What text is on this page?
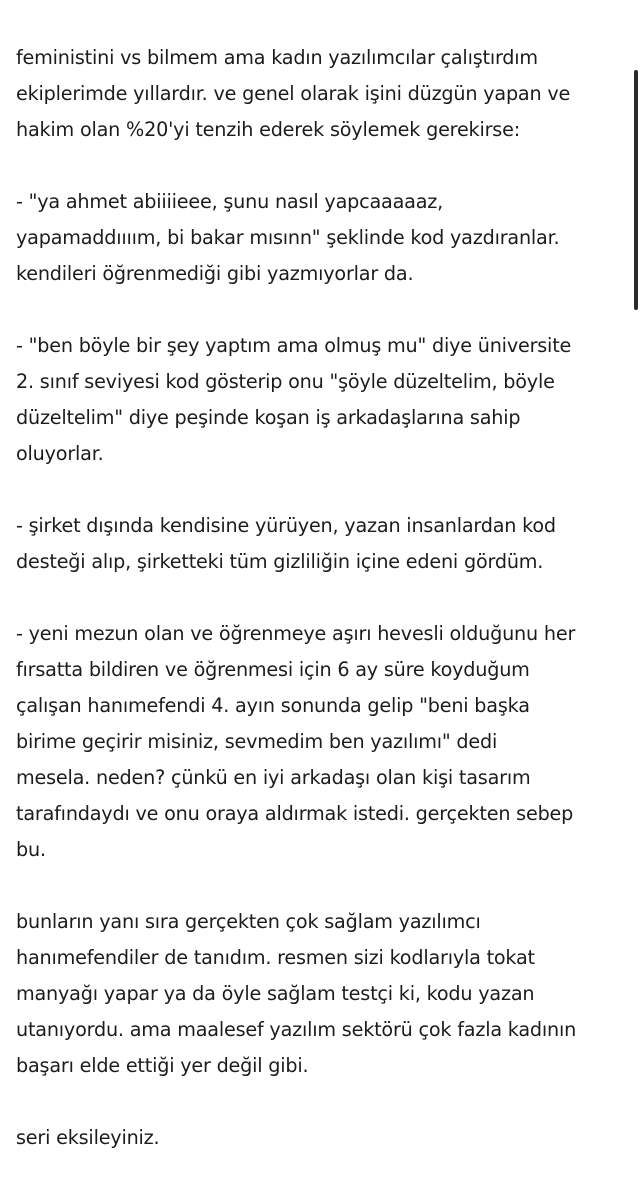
feministini vs bilmem ama kadın yazılımcılar çalıştırdım
ekiplerimde yıllardır. ve genel olarak işini düzgün yapan ve
hakim olan %20'yi tenzih ederek söylemek gerekirse:
- "ya ahmet abiiiieee, şunu nasıl yapcaaaaaz,
yapamaddıııım, bi bakar mısınn" şeklinde kod yazdıranlar.
kendileri öğrenmediği gibi yazmıyorlar da.
- "ben böyle bir şey yaptım ama olmuş mu" diye üniversite
2. sınıf seviyesi kod gösterip onu "şöyle düzeltelim, böyle
düzeltelim" diye peşinde koşan iş arkadaşlarına sahip
oluyorlar.
- şirket dışında kendisine yürüyen, yazan insanlardan kod
desteği alıp, şirketteki tüm gizliliğin içine edeni gördüm.
- yeni mezun olan ve öğrenmeye aşırı hevesli olduğunu her
fırsatta bildiren ve öğrenmesi için 6 ay süre koyduğum
çalışan hanımefendi 4. ayın sonunda gelip "beni başka
birime geçirir misiniz, sevmedim ben yazılımı" dedi
mesela. neden? çünkü en iyi arkadaşı olan kişi tasarım
tarafındaydı ve onu oraya aldırmak istedi. gerçekten sebep
bu.
bunların yanı sıra gerçekten çok sağlam yazılımcı
hanımefendiler de tanıdım. resmen sizi kodlarıyla tokat
manyağı yapar ya da öyle sağlam testçi ki, kodu yazan
utanıyordu. ama maalesef yazılım sektörü çok fazla kadının
başarı elde ettiği yer değil gibi.
seri eksileyiniz.
